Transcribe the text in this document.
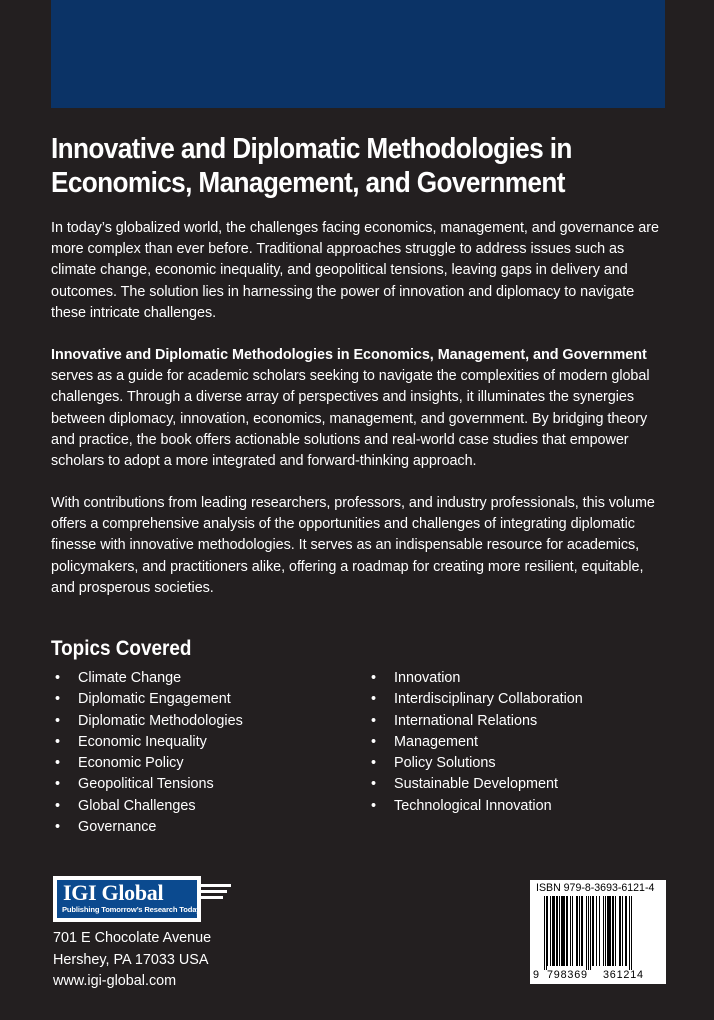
Innovative and Diplomatic Methodologies in
Economics, Management, and Government

In today’s globalized world, the challenges facing economics, management, and governance are more complex than ever before. Traditional approaches struggle to address issues such as climate change, economic inequality, and geopolitical tensions, leaving gaps in delivery and outcomes. The solution lies in harnessing the power of innovation and diplomacy to navigate these intricate challenges.

Innovative and Diplomatic Methodologies in Economics, Management, and Government serves as a guide for academic scholars seeking to navigate the complexities of modern global challenges. Through a diverse array of perspectives and insights, it illuminates the synergies between diplomacy, innovation, economics, management, and government. By bridging theory and practice, the book offers actionable solutions and real-world case studies that empower scholars to adopt a more integrated and forward-thinking approach.

With contributions from leading researchers, professors, and industry professionals, this volume offers a comprehensive analysis of the opportunities and challenges of integrating diplomatic finesse with innovative methodologies. It serves as an indispensable resource for academics, policymakers, and practitioners alike, offering a roadmap for creating more resilient, equitable, and prosperous societies.

Topics Covered
• Climate Change
• Diplomatic Engagement
• Diplomatic Methodologies
• Economic Inequality
• Economic Policy
• Geopolitical Tensions
• Global Challenges
• Governance
• Innovation
• Interdisciplinary Collaboration
• International Relations
• Management
• Policy Solutions
• Sustainable Development
• Technological Innovation
IGI Global
Publishing Tomorrow’s Research Today
701 E Chocolate Avenue
Hershey, PA 17033 USA
www.igi-global.com
ISBN 979-8-3693-6121-4
9 798369 361214
